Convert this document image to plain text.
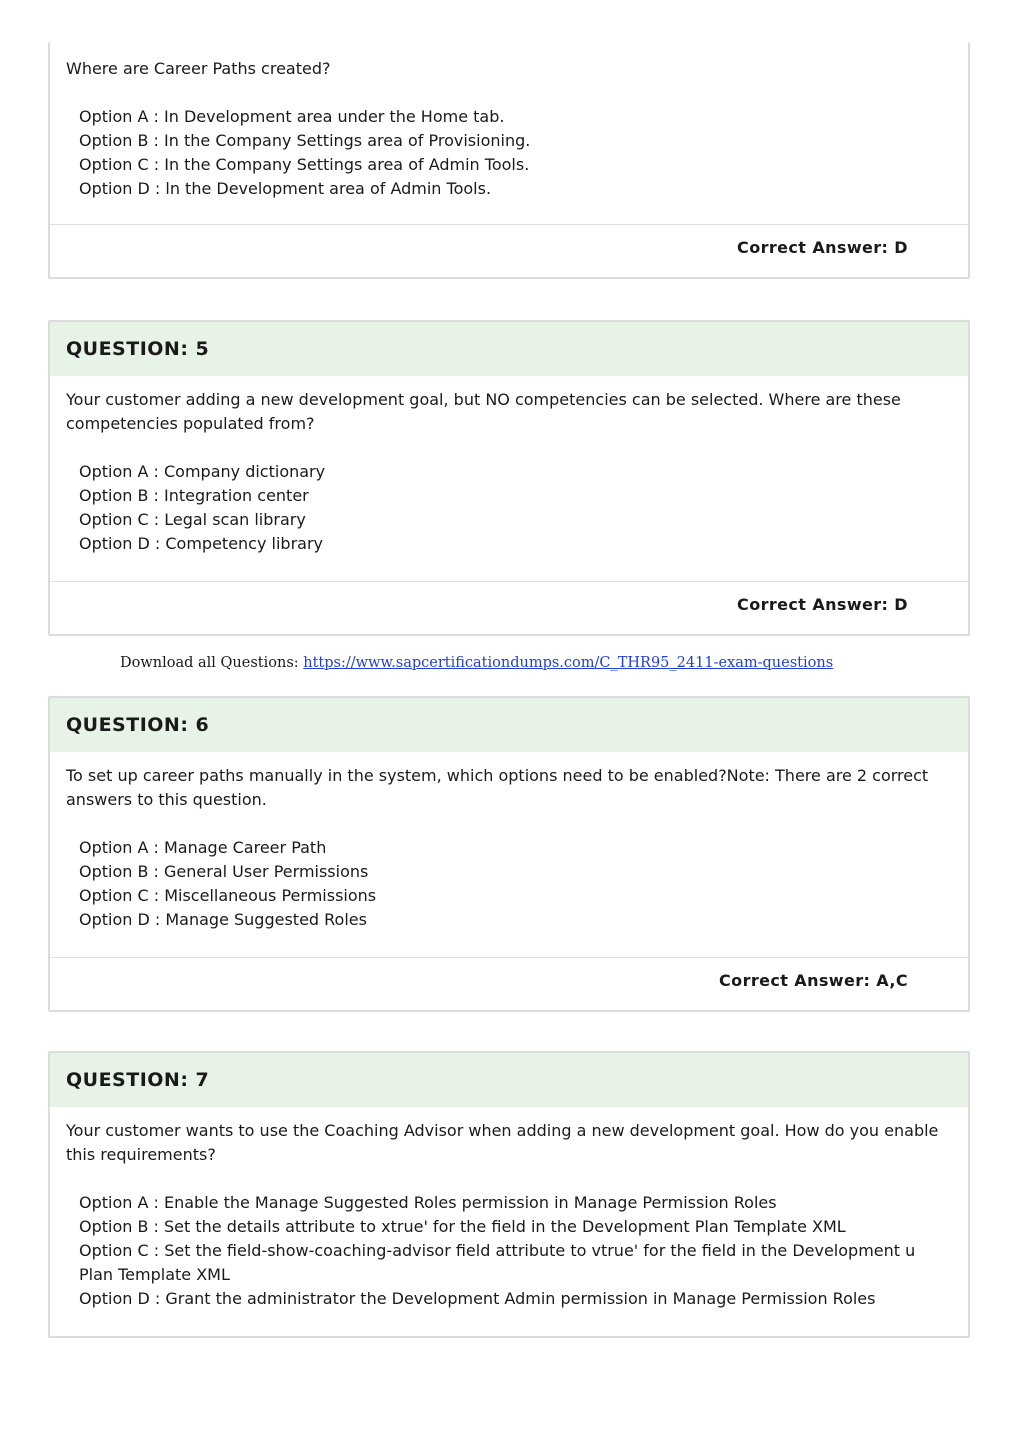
Where are Career Paths created?

Option A : In Development area under the Home tab.
Option B : In the Company Settings area of Provisioning.
Option C : In the Company Settings area of Admin Tools.
Option D : ln the Development area of Admin Tools.
Correct Answer: D
QUESTION: 5

Your customer adding a new development goal, but NO competencies can be selected. Where are these competencies populated from?

Option A : Company dictionary
Option B : Integration center
Option C : Legal scan library
Option D : Competency library
Correct Answer: D
Download all Questions: https://www.sapcertificationdumps.com/C_THR95_2411-exam-questions
QUESTION: 6

To set up career paths manually in the system, which options need to be enabled?Note: There are 2 correct answers to this question.

Option A : Manage Career Path
Option B : General User Permissions
Option C : Miscellaneous Permissions
Option D : Manage Suggested Roles
Correct Answer: A,C
QUESTION: 7

Your customer wants to use the Coaching Advisor when adding a new development goal. How do you enable this requirements?

Option A : Enable the Manage Suggested Roles permission in Manage Permission Roles
Option B : Set the details attribute to xtrue' for the field in the Development Plan Template XML
Option C : Set the field-show-coaching-advisor field attribute to vtrue' for the field in the Development u Plan Template XML
Option D : Grant the administrator the Development Admin permission in Manage Permission Roles
